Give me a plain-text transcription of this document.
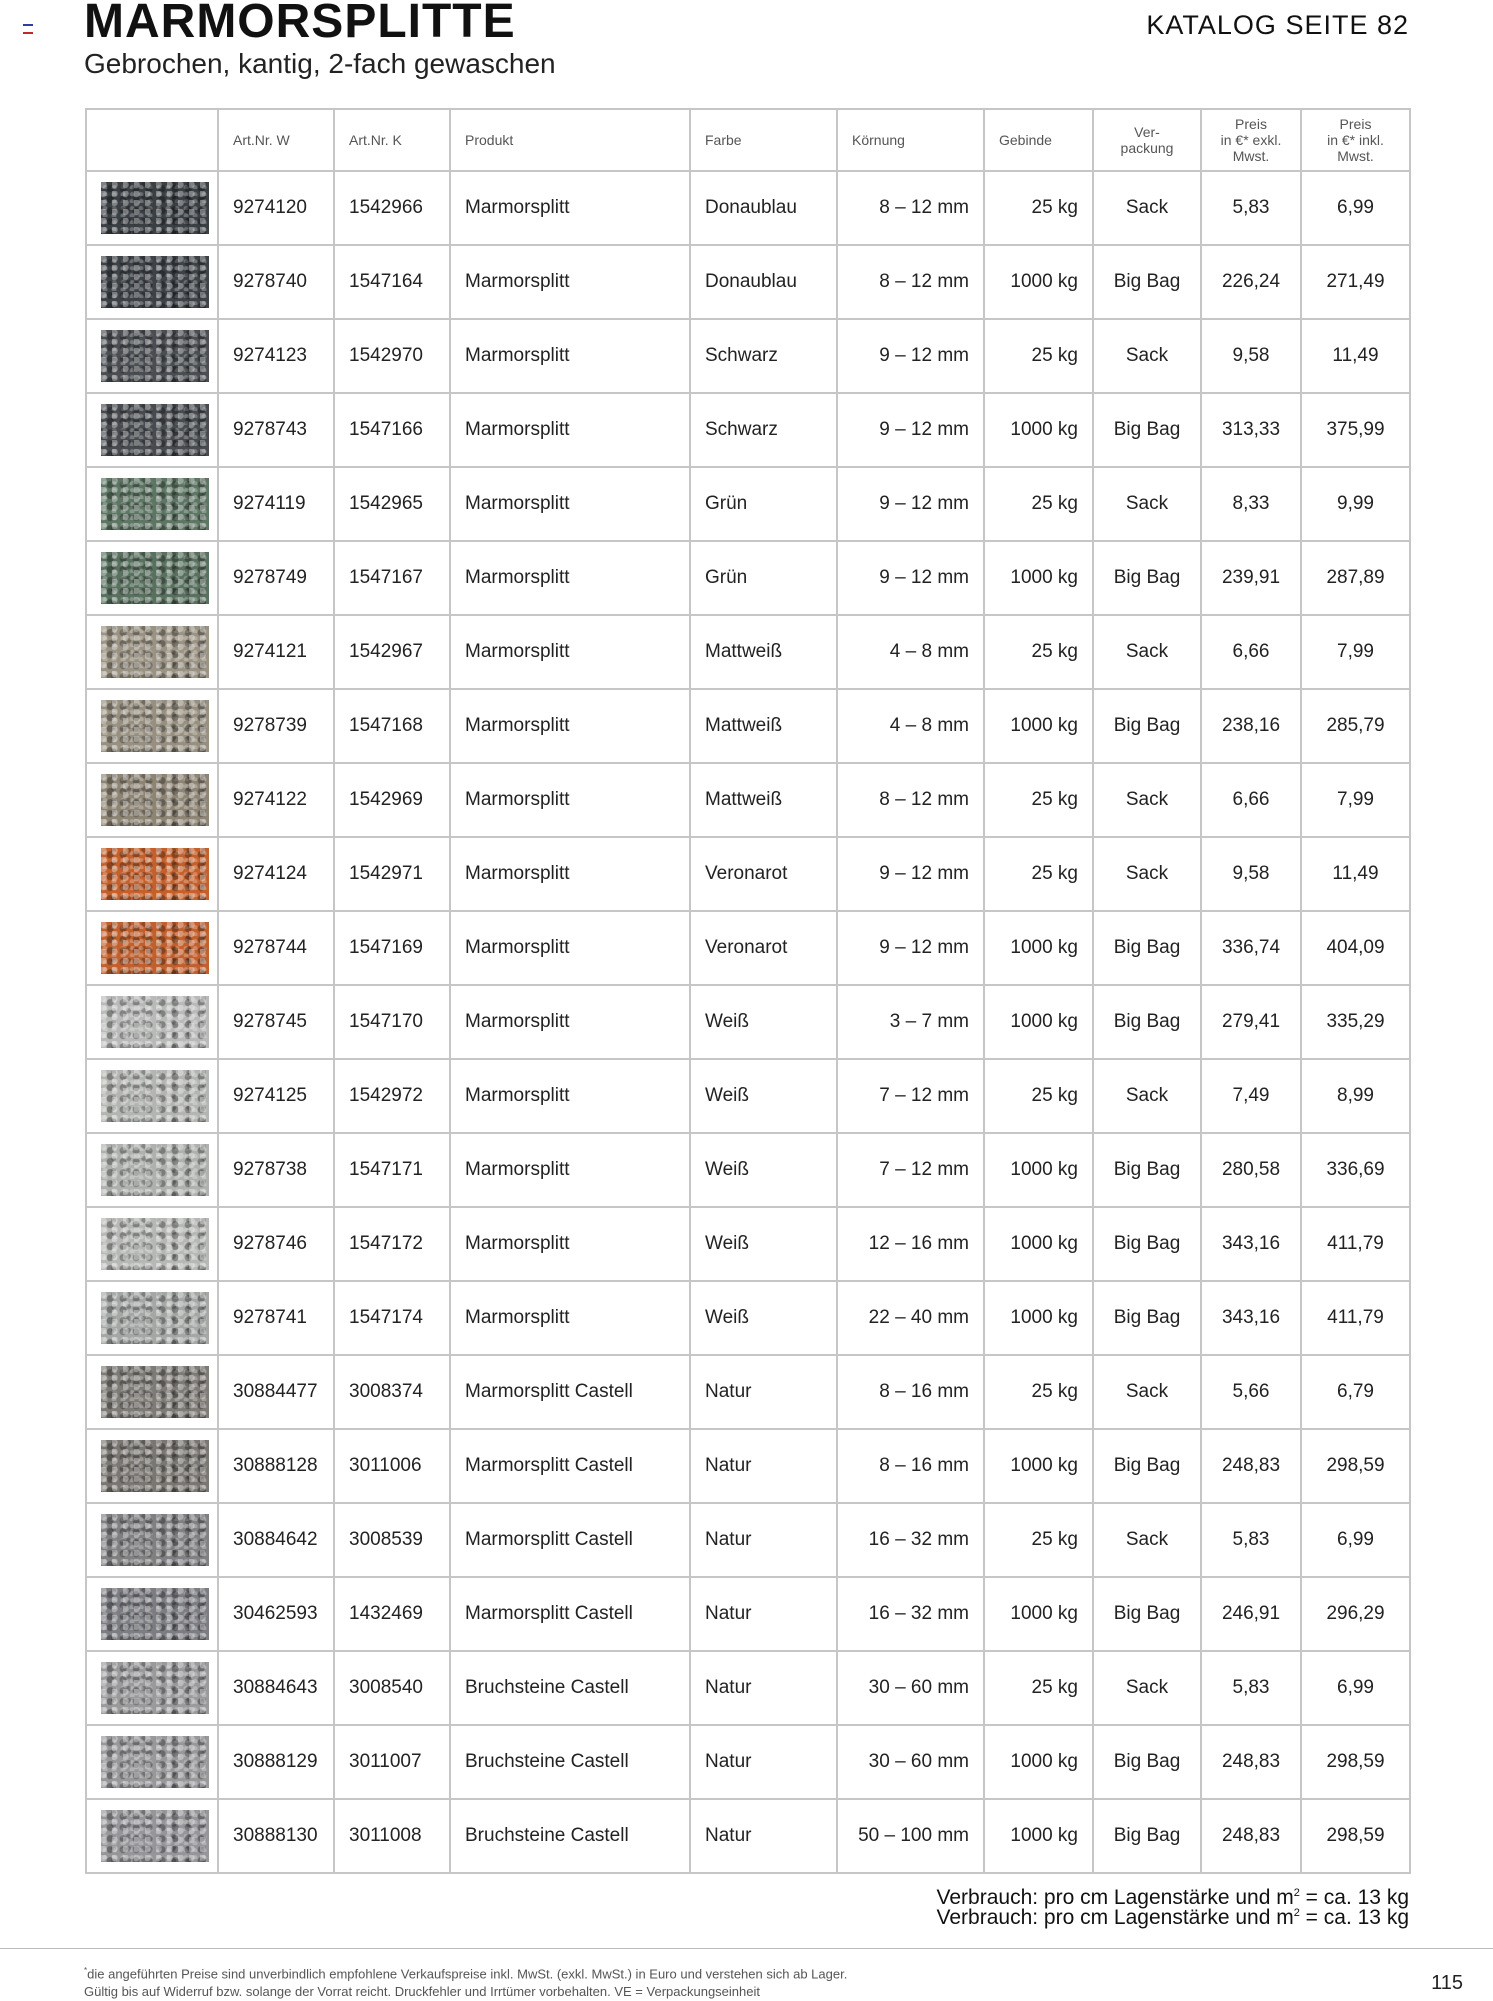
MARMORSPLITTE
Gebrochen, kantig, 2-fach gewaschen
KATALOG SEITE 82
	Art.Nr. W	Art.Nr. K	Produkt	Farbe	Körnung	Gebinde	Ver-
packung	Preis
in €* exkl.
Mwst.	Preis
in €* inkl.
Mwst.

	9274120	1542966	Marmorsplitt	Donaublau	8 – 12 mm	25 kg	Sack	5,83	6,99

	9278740	1547164	Marmorsplitt	Donaublau	8 – 12 mm	1000 kg	Big Bag	226,24	271,49

	9274123	1542970	Marmorsplitt	Schwarz	9 – 12 mm	25 kg	Sack	9,58	11,49

	9278743	1547166	Marmorsplitt	Schwarz	9 – 12 mm	1000 kg	Big Bag	313,33	375,99

	9274119	1542965	Marmorsplitt	Grün	9 – 12 mm	25 kg	Sack	8,33	9,99

	9278749	1547167	Marmorsplitt	Grün	9 – 12 mm	1000 kg	Big Bag	239,91	287,89

	9274121	1542967	Marmorsplitt	Mattweiß	4 – 8 mm	25 kg	Sack	6,66	7,99

	9278739	1547168	Marmorsplitt	Mattweiß	4 – 8 mm	1000 kg	Big Bag	238,16	285,79

	9274122	1542969	Marmorsplitt	Mattweiß	8 – 12 mm	25 kg	Sack	6,66	7,99

	9274124	1542971	Marmorsplitt	Veronarot	9 – 12 mm	25 kg	Sack	9,58	11,49

	9278744	1547169	Marmorsplitt	Veronarot	9 – 12 mm	1000 kg	Big Bag	336,74	404,09

	9278745	1547170	Marmorsplitt	Weiß	3 – 7 mm	1000 kg	Big Bag	279,41	335,29

	9274125	1542972	Marmorsplitt	Weiß	7 – 12 mm	25 kg	Sack	7,49	8,99

	9278738	1547171	Marmorsplitt	Weiß	7 – 12 mm	1000 kg	Big Bag	280,58	336,69

	9278746	1547172	Marmorsplitt	Weiß	12 – 16 mm	1000 kg	Big Bag	343,16	411,79

	9278741	1547174	Marmorsplitt	Weiß	22 – 40 mm	1000 kg	Big Bag	343,16	411,79

	30884477	3008374	Marmorsplitt Castell	Natur	8 – 16 mm	25 kg	Sack	5,66	6,79

	30888128	3011006	Marmorsplitt Castell	Natur	8 – 16 mm	1000 kg	Big Bag	248,83	298,59

	30884642	3008539	Marmorsplitt Castell	Natur	16 – 32 mm	25 kg	Sack	5,83	6,99

	30462593	1432469	Marmorsplitt Castell	Natur	16 – 32 mm	1000 kg	Big Bag	246,91	296,29

	30884643	3008540	Bruchsteine Castell	Natur	30 – 60 mm	25 kg	Sack	5,83	6,99

	30888129	3011007	Bruchsteine Castell	Natur	30 – 60 mm	1000 kg	Big Bag	248,83	298,59

	30888130	3011008	Bruchsteine Castell	Natur	50 – 100 mm	1000 kg	Big Bag	248,83	298,59
Verbrauch: pro cm Lagenstärke und $m^2$ = ca. 13 kg
Verbrauch: pro cm Lagenstärke und $m^2$ = ca. 13 kg
*die angeführten Preise sind unverbindlich empfohlene Verkaufspreise inkl. MwSt. (exkl. MwSt.) in Euro und verstehen sich ab Lager.
Gültig bis auf Widerruf bzw. solange der Vorrat reicht. Druckfehler und Irrtümer vorbehalten. VE = Verpackungseinheit	115
